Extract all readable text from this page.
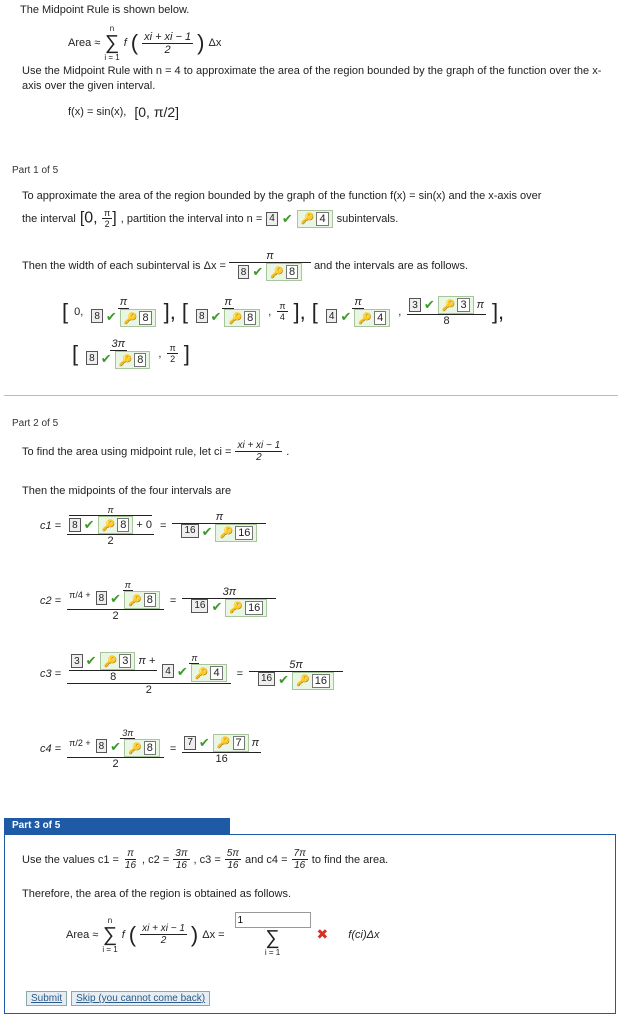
The Midpoint Rule is shown below.
Area ≈
n
∑
i = 1
f ( $\frac{xi + xi - 1}{2}$ ) Δx
Use the Midpoint Rule with n = 4 to approximate the area of the region bounded by the graph of the function over the x-axis over the given interval.
f(x) = sin(x), [0, π/2]
Part 1 of 5
To approximate the area of the region bounded by the graph of the function f(x) = sin(x) and the x-axis over
the interval [0, $\frac{\pi}{2}$ ] , partition the interval into n = 4 ✔ 🔑 4 subintervals.
Then the width of each subinterval is $\Delta x = \frac{\pi}{8 ✔ 🔑 8}$ and the intervals are as follows.
[ 0, $\frac{\pi}{8 ✔ 🔑 8}$ ], [ $\frac{\pi}{8 ✔ 🔑 8}$ , $\frac{\pi}{4}$ ], [ $\frac{\pi}{4 ✔ 🔑 4}$ , $\frac{3 ✔ 🔑 3 \pi}{8}$ ],
[ $\frac{3\pi}{8 ✔ 🔑 8}$ , $\frac{\pi}{2}$ ]
Part 2 of 5
To find the area using midpoint rule, let ci = $\frac{xi + xi - 1}{2}$ .
Then the midpoints of the four intervals are
c1 = π
8 ✔ 🔑 8 + 0
$2 = \frac{\pi}{16 ✔ 🔑 16}$
$c2 = \frac{\pi/4 + \frac{\pi}{8 ✔ 🔑 8}}{2} = \frac{3\pi}{16 ✔ 🔑 16}$
$c3 = \frac{\frac{3 ✔ 🔑 3 \pi +}{8} \frac{\pi}{4 ✔ 🔑 4}}{2} = \frac{5\pi}{16 ✔ 🔑 16}$
$c4 = \frac{\pi/2 + \frac{3\pi}{8 ✔ 🔑 8}}{2} = \frac{7 ✔ 🔑 7 \pi}{16}$
Part 3 of 5
Use the values $c1 = \frac{\pi}{16}$ , $c2 = \frac{3\pi}{16}$ , $c3 = \frac{5\pi}{16}$ and $c4 = \frac{7\pi}{16}$ to find the area.
Therefore, the area of the region is obtained as follows.
Area ≈
n
∑
i = 1
f ( $\frac{xi + xi - 1}{2}$ ) Δx =
1 ∑
i = 1
✖ f(ci)Δx
Submit	Skip (you cannot come back)
